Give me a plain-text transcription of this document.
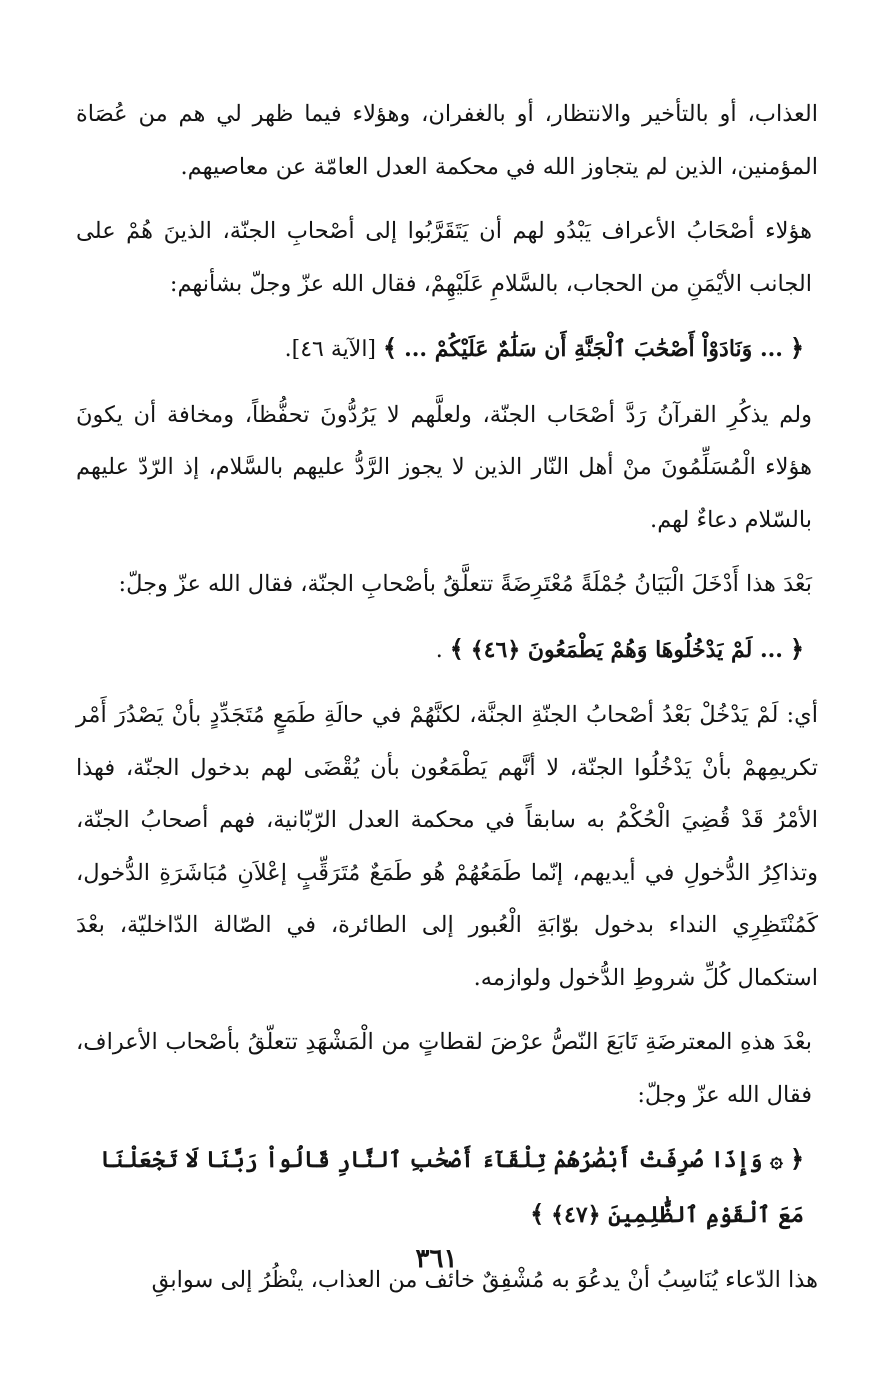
العذاب، أو بالتأخير والانتظار، أو بالغفران، وهؤلاء فيما ظهر لي هم من عُصَاة المؤمنين، الذين لم يتجاوز الله في محكمة العدل العامّة عن معاصيهم.

هؤلاء أصْحَابُ الأعراف يَبْدُو لهم أن يَتَقَرَّبُوا إلى أصْحابِ الجنّة، الذينَ هُمْ على الجانب الأيْمَنِ من الحجاب، بالسَّلامِ عَلَيْهِمْ، فقال الله عزّ وجلّ بشأنهم:

﴿ ... وَنَادَوْاْ أَصْحَٰبَ ٱلْجَنَّةِ أَن سَلَٰمٌ عَلَيْكُمْ ... ﴾ [الآية ٤٦].

ولم يذكُرِ القرآنُ رَدَّ أصْحَاب الجنّة، ولعلَّهم لا يَرُدُّونَ تحفُّظاً، ومخافة أن يكونَ هؤلاء الْمُسَلِّمُونَ منْ أهل النّار الذين لا يجوز الرَّدُّ عليهم بالسَّلام، إذ الرّدّ عليهم بالسّلام دعاءٌ لهم.

بَعْدَ هذا أَدْخَلَ الْبَيَانُ جُمْلَةً مُعْتَرِضَةً تتعلَّقُ بأصْحابِ الجنّة، فقال الله عزّ وجلّ:

﴿ ... لَمْ يَدْخُلُوهَا وَهُمْ يَطْمَعُونَ ﴿٤٦﴾ ﴾ .

أي: لَمْ يَدْخُلْ بَعْدُ أصْحابُ الجنّةِ الجنَّة، لكنَّهُمْ في حالَةِ طَمَعٍ مُتَجَدِّدٍ بأنْ يَصْدُرَ أَمْر تكريمِهمْ بأنْ يَدْخُلُوا الجنّة، لا أنَّهم يَطْمَعُون بأن يُقْضَى لهم بدخول الجنّة، فهذا الأمْرُ قَدْ قُضِيَ الْحُكْمُ به سابقاً في محكمة العدل الرّبّانية، فهم أصحابُ الجنّة، وتذاكِرُ الدُّخولِ في أيديهم، إنّما طَمَعُهُمْ هُو طَمَعٌ مُتَرَقِّبٍ إعْلاَنِ مُبَاشَرَةِ الدُّخول، كَمُنْتَظِرِي النداء بدخول بوّابَةِ الْعُبور إلى الطائرة، في الصّالة الدّاخليّة، بعْدَ استكمال كُلِّ شروطِ الدُّخول ولوازمه.

بعْدَ هذهِ المعترضَةِ تَابَعَ النّصُّ عرْضَ لقطاتٍ من الْمَشْهَدِ تتعلّقُ بأصْحاب الأعراف، فقال الله عزّ وجلّ:

﴿ ۞ وَإِذَا صُرِفَتْ أَبْصَٰرُهُمْ تِلْقَآءَ أَصْحَٰبِ ٱلنَّارِ قَالُواْ رَبَّنَا لَا تَجْعَلْنَا مَعَ ٱلْقَوْمِ ٱلظَّٰلِمِينَ ﴿٤٧﴾ ﴾

هذا الدّعاء يُنَاسِبُ أنْ يدعُوَ به مُشْفِقٌ خائف من العذاب، ينْظُرُ إلى سوابقِ

٣٦١
